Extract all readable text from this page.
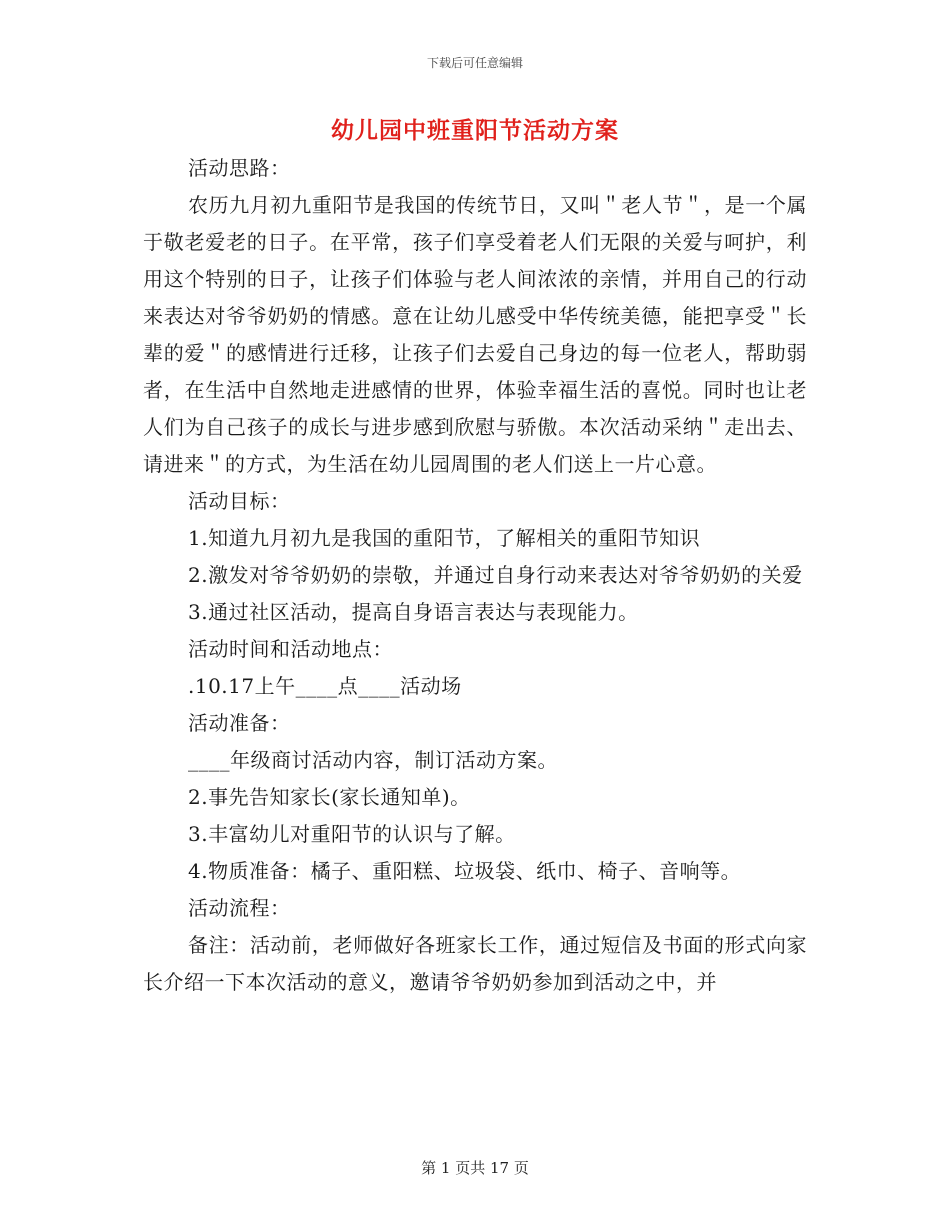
下载后可任意编辑
幼儿园中班重阳节活动方案

活动思路：

农历九月初九重阳节是我国的传统节日，又叫＂老人节＂，是一个属于敬老爱老的日子。在平常，孩子们享受着老人们无限的关爱与呵护，利用这个特别的日子，让孩子们体验与老人间浓浓的亲情，并用自己的行动来表达对爷爷奶奶的情感。意在让幼儿感受中华传统美德，能把享受＂长辈的爱＂的感情进行迁移，让孩子们去爱自己身边的每一位老人，帮助弱者，在生活中自然地走进感情的世界，体验幸福生活的喜悦。同时也让老人们为自己孩子的成长与进步感到欣慰与骄傲。本次活动采纳＂走出去、请进来＂的方式，为生活在幼儿园周围的老人们送上一片心意。

活动目标：

1.知道九月初九是我国的重阳节，了解相关的重阳节知识

2.激发对爷爷奶奶的崇敬，并通过自身行动来表达对爷爷奶奶的关爱

3.通过社区活动，提高自身语言表达与表现能力。

活动时间和活动地点：

.10.17上午____点____活动场

活动准备：

____年级商讨活动内容，制订活动方案。

2.事先告知家长(家长通知单)。

3.丰富幼儿对重阳节的认识与了解。

4.物质准备：橘子、重阳糕、垃圾袋、纸巾、椅子、音响等。

活动流程：

备注：活动前，老师做好各班家长工作，通过短信及书面的形式向家长介绍一下本次活动的意义，邀请爷爷奶奶参加到活动之中，并

第 1 页共 17 页
